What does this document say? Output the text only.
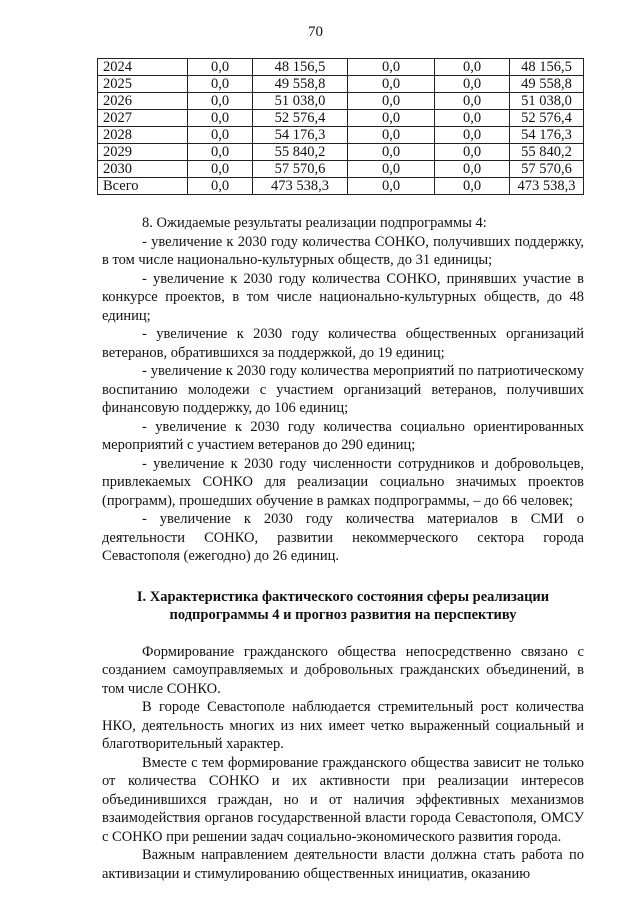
70
2024	0,0	48 156,5	0,0	0,0	48 156,5
2025	0,0	49 558,8	0,0	0,0	49 558,8
2026	0,0	51 038,0	0,0	0,0	51 038,0
2027	0,0	52 576,4	0,0	0,0	52 576,4
2028	0,0	54 176,3	0,0	0,0	54 176,3
2029	0,0	55 840,2	0,0	0,0	55 840,2
2030	0,0	57 570,6	0,0	0,0	57 570,6
Всего	0,0	473 538,3	0,0	0,0	473 538,3

8. Ожидаемые результаты реализации подпрограммы 4:

- увеличение к 2030 году количества СОНКО, получивших поддержку, в том числе национально-культурных обществ, до 31 единицы;

- увеличение к 2030 году количества СОНКО, принявших участие в конкурсе проектов, в том числе национально-культурных обществ, до 48 единиц;

- увеличение к 2030 году количества общественных организаций ветеранов, обратившихся за поддержкой, до 19 единиц;

- увеличение к 2030 году количества мероприятий по патриотическому воспитанию молодежи с участием организаций ветеранов, получивших финансовую поддержку, до 106 единиц;

- увеличение к 2030 году количества социально ориентированных мероприятий с участием ветеранов до 290 единиц;

- увеличение к 2030 году численности сотрудников и добровольцев, привлекаемых СОНКО для реализации социально значимых проектов (программ), прошедших обучение в рамках подпрограммы, – до 66 человек;

- увеличение к 2030 году количества материалов в СМИ о деятельности СОНКО, развитии некоммерческого сектора города Севастополя (ежегодно) до 26 единиц.

I. Характеристика фактического состояния сферы реализации
подпрограммы 4 и прогноз развития на перспективу

Формирование гражданского общества непосредственно связано с созданием самоуправляемых и добровольных гражданских объединений, в том числе СОНКО.

В городе Севастополе наблюдается стремительный рост количества НКО, деятельность многих из них имеет четко выраженный социальный и благотворительный характер.

Вместе с тем формирование гражданского общества зависит не только от количества СОНКО и их активности при реализации интересов объединившихся граждан, но и от наличия эффективных механизмов взаимодействия органов государственной власти города Севастополя, ОМСУ с СОНКО при решении задач социально-экономического развития города.

Важным направлением деятельности власти должна стать работа по активизации и стимулированию общественных инициатив, оказанию
